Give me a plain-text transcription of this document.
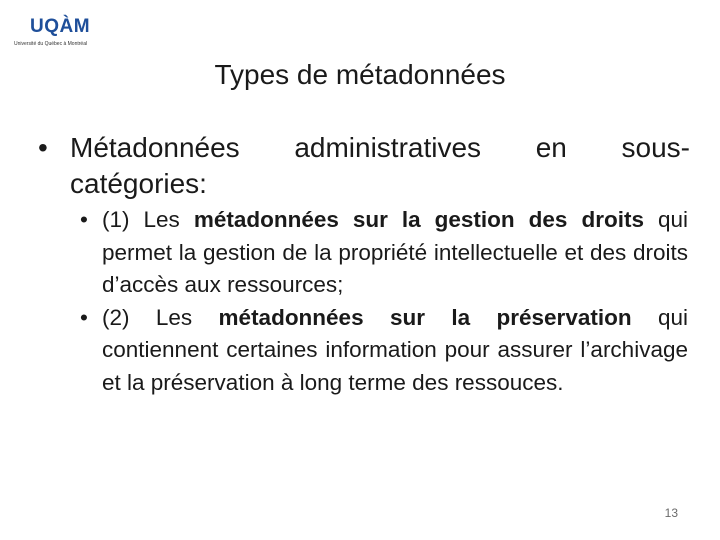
UQÀM
Université du Québec à Montréal
Types de métadonnées
• Métadonnées administratives en sous-
catégories:
• (1) Les métadonnées sur la gestion des droits qui permet la gestion de la propriété intellectuelle et des droits d’accès aux ressources;
• (2) Les métadonnées sur la préservation qui contiennent certaines information pour assurer l’archivage et la préservation à long terme des ressouces.
13
